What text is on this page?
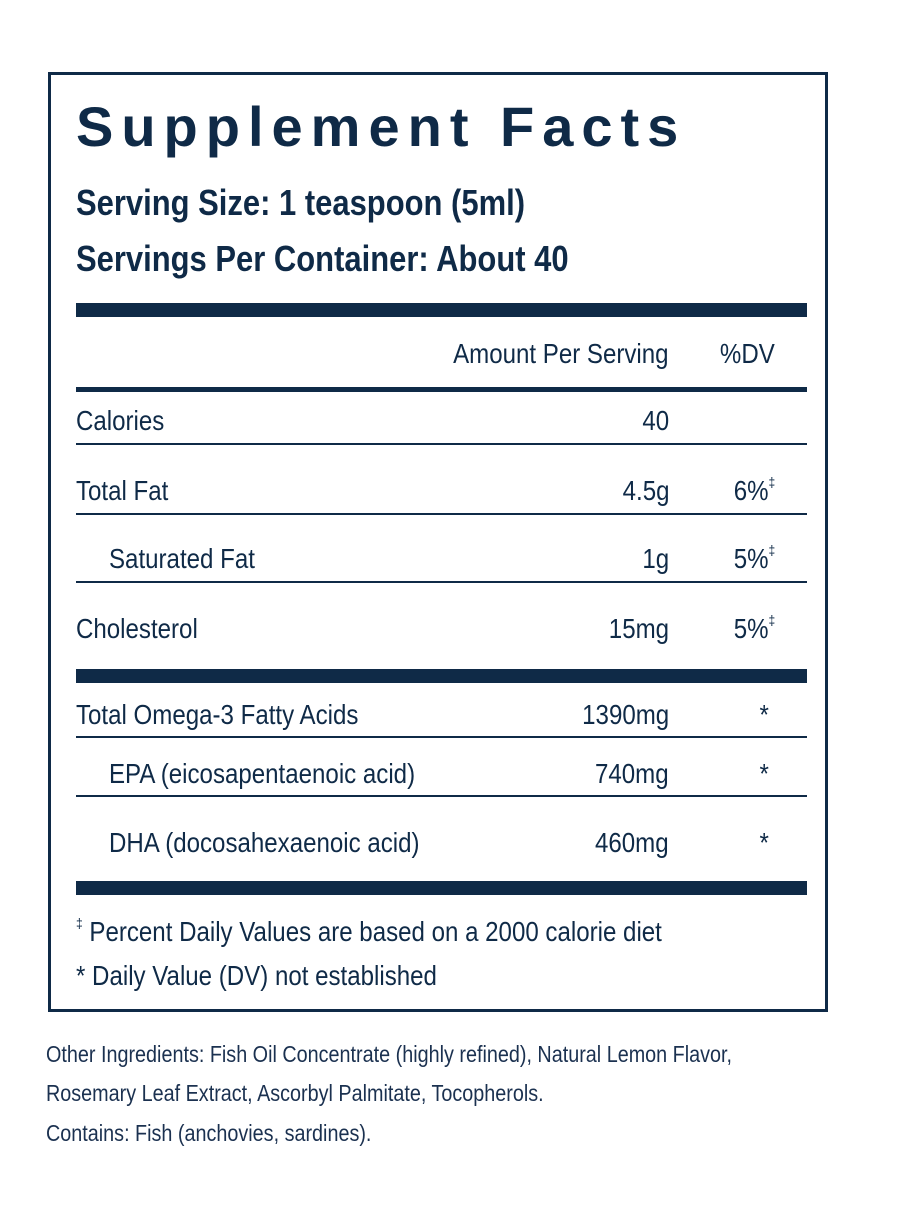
Supplement Facts
Serving Size: 1 teaspoon (5ml)
Servings Per Container: About 40
Amount Per Serving %DV
Calories	40
Total Fat	4.5g 6%‡
Saturated Fat	1g 5%‡
Cholesterol	15mg 5%‡
Total Omega-3 Fatty Acids	1390mg	*
EPA (eicosapentaenoic acid)	740mg	*
DHA (docosahexaenoic acid)	460mg	*
‡ Percent Daily Values are based on a 2000 calorie diet
* Daily Value (DV) not established
Other Ingredients: Fish Oil Concentrate (highly refined), Natural Lemon Flavor,
Rosemary Leaf Extract, Ascorbyl Palmitate, Tocopherols.
Contains: Fish (anchovies, sardines).
